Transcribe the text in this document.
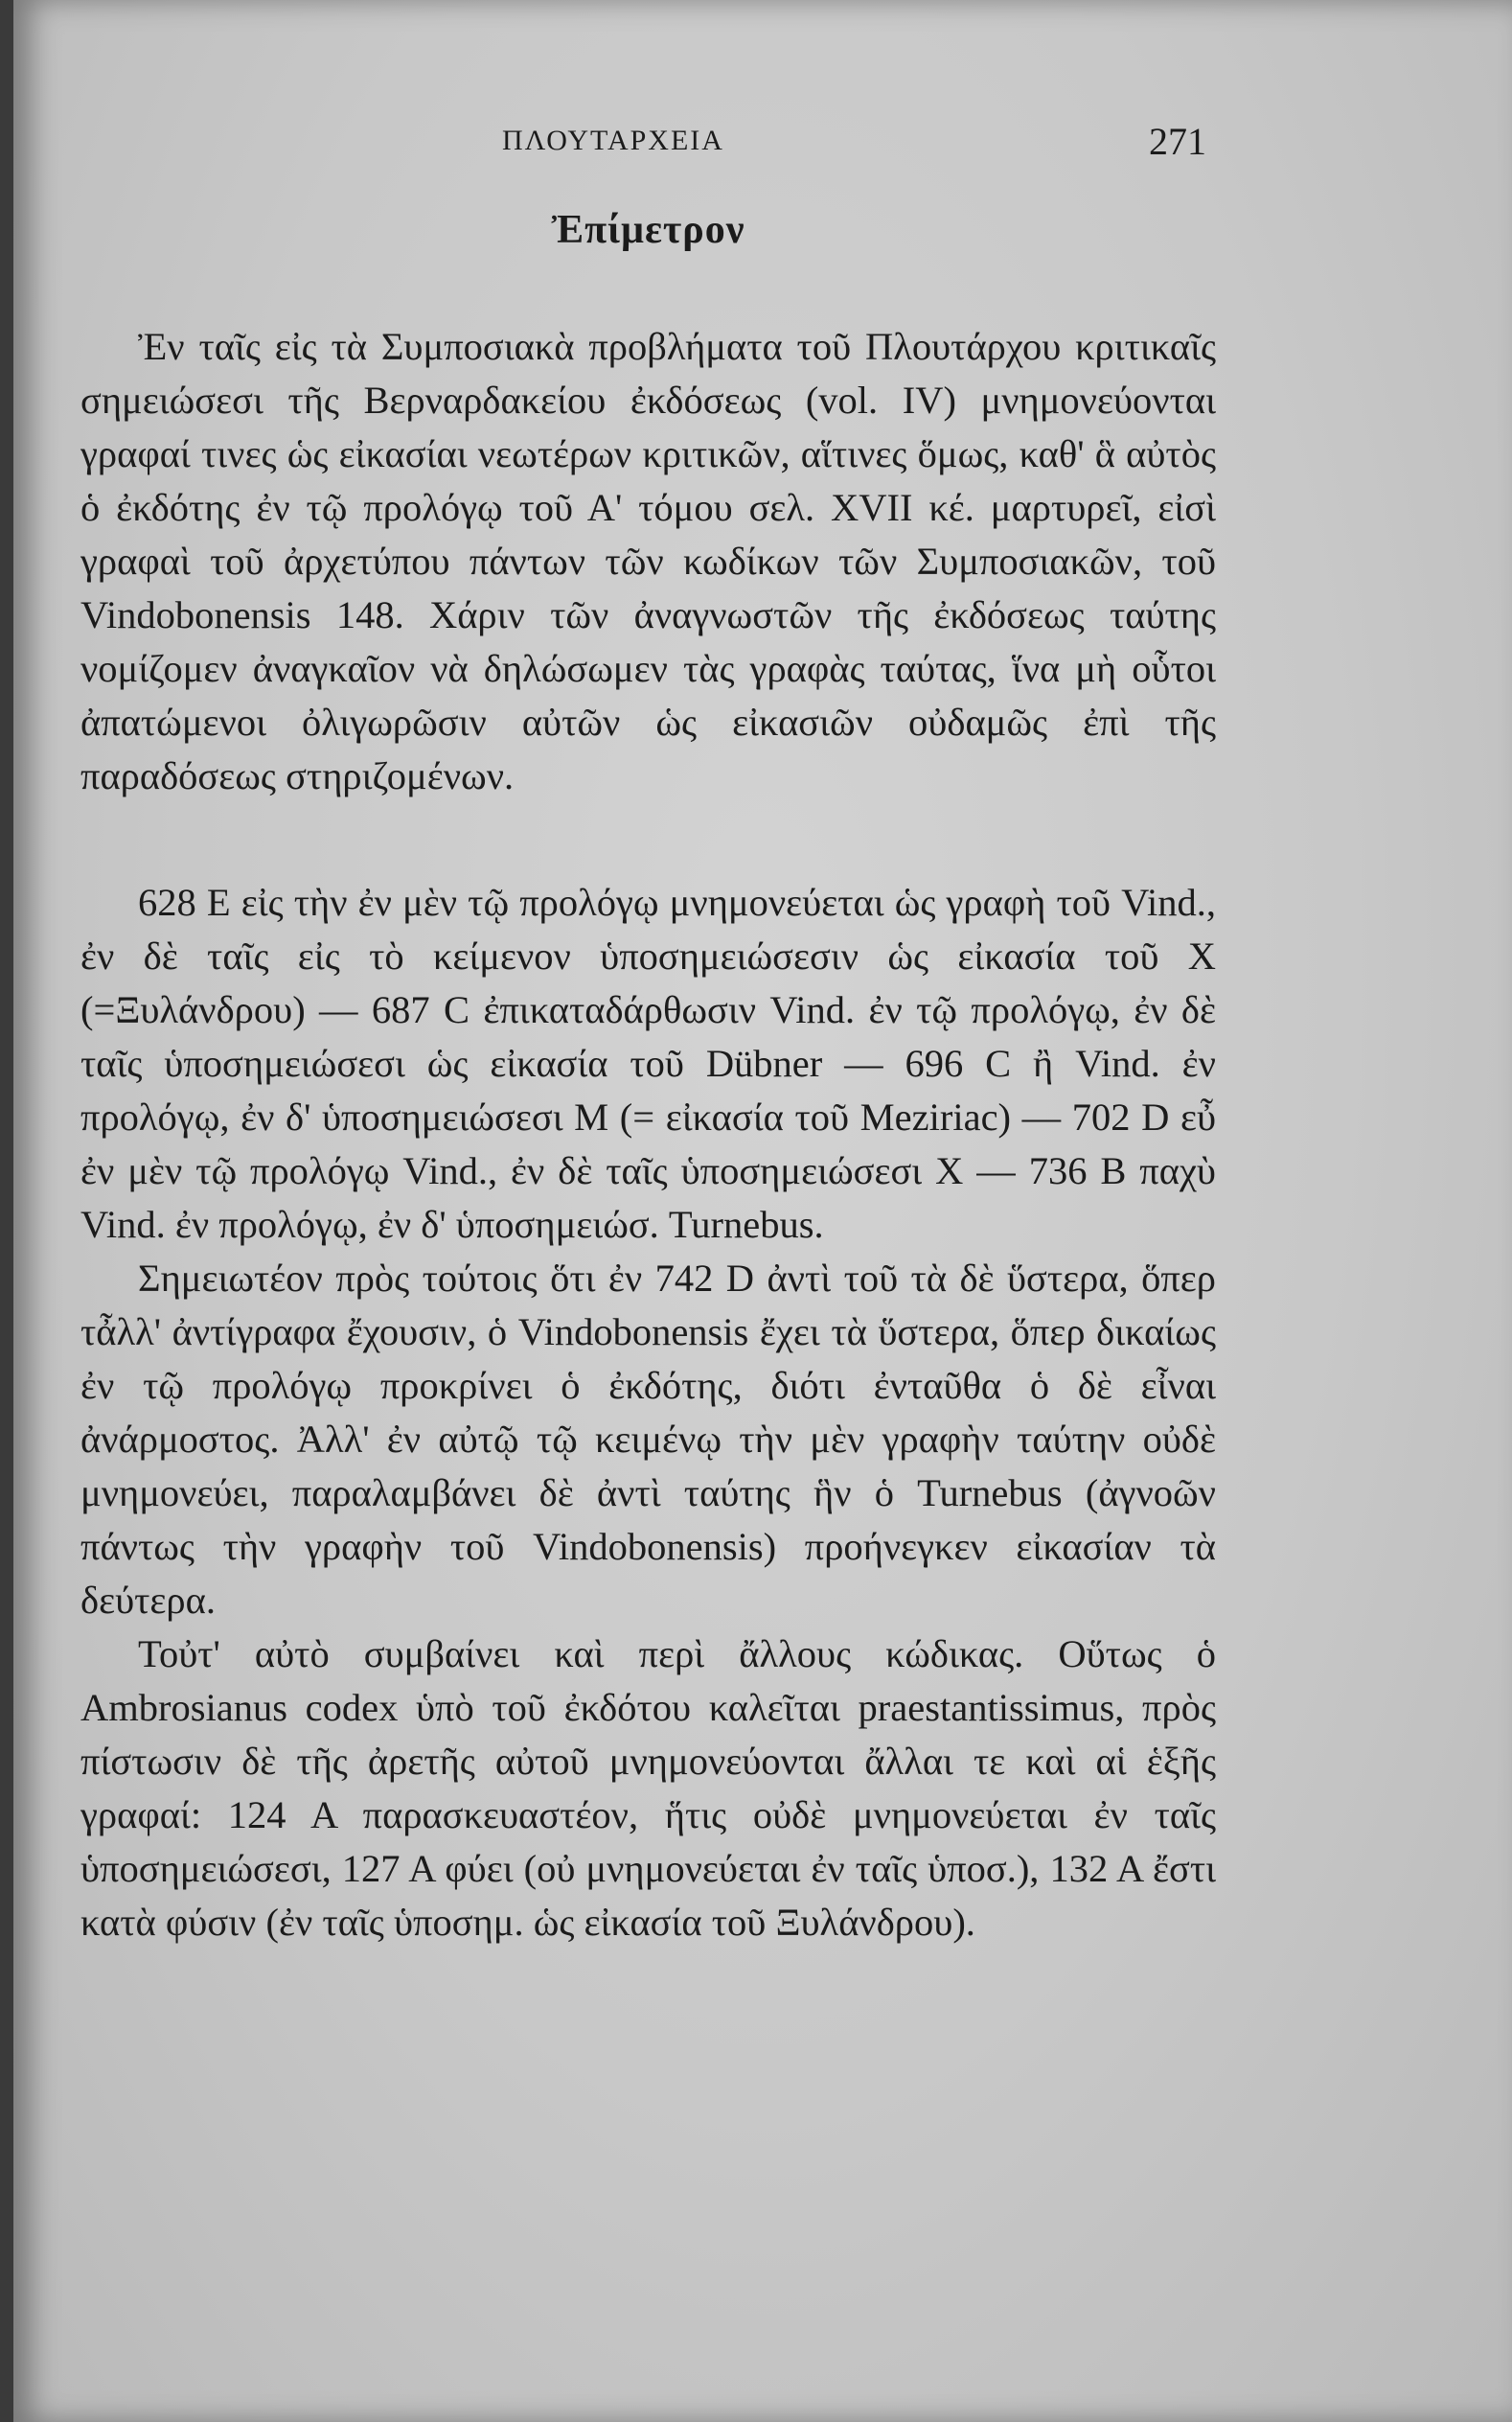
ΠΛΟΥΤΑΡΧΕΙΑ	271
Ἐπίμετρον

Ἐν ταῖς εἰς τὰ Συμποσιακὰ προβλήματα τοῦ Πλουτάρχου κριτικαῖς σημειώσεσι τῆς Βερναρδακείου ἐκδόσεως (vol. IV) μνημονεύονται γραφαί τινες ὡς εἰκασίαι νεωτέρων κριτικῶν, αἵτινες ὅμως, καθ' ἃ αὐτὸς ὁ ἐκδότης ἐν τῷ προλόγῳ τοῦ Α' τόμου σελ. XVII κέ. μαρτυρεῖ, εἰσὶ γραφαὶ τοῦ ἀρχετύπου πάντων τῶν κωδίκων τῶν Συμποσιακῶν, τοῦ Vindobonensis 148. Χάριν τῶν ἀναγνωστῶν τῆς ἐκδόσεως ταύτης νομίζομεν ἀναγκαῖον νὰ δηλώσωμεν τὰς γραφὰς ταύτας, ἵνα μὴ οὗτοι ἀπατώμενοι ὀλιγωρῶσιν αὐτῶν ὡς εἰκασιῶν οὐδαμῶς ἐπὶ τῆς παραδόσεως στηριζομένων.

628 Ε εἰς τὴν ἐν μὲν τῷ προλόγῳ μνημονεύεται ὡς γραφὴ τοῦ Vind., ἐν δὲ ταῖς εἰς τὸ κείμενον ὑποσημειώσεσιν ὡς εἰκασία τοῦ X (=Ξυλάνδρου) — 687 C ἐπικαταδάρθωσιν Vind. ἐν τῷ προλόγῳ, ἐν δὲ ταῖς ὑποσημειώσεσι ὡς εἰκασία τοῦ Dübner — 696 C ἢ Vind. ἐν προλόγῳ, ἐν δ' ὑποσημειώσεσι M (= εἰκασία τοῦ Meziriac) — 702 D εὖ ἐν μὲν τῷ προλόγῳ Vind., ἐν δὲ ταῖς ὑποσημειώσεσι X — 736 B παχὺ Vind. ἐν προλόγῳ, ἐν δ' ὑποσημειώσ. Turnebus.

Σημειωτέον πρὸς τούτοις ὅτι ἐν 742 D ἀντὶ τοῦ τὰ δὲ ὕστερα, ὅπερ τἆλλ' ἀντίγραφα ἔχουσιν, ὁ Vindobonensis ἔχει τὰ ὕστερα, ὅπερ δικαίως ἐν τῷ προλόγῳ προκρίνει ὁ ἐκδότης, διότι ἐνταῦθα ὁ δὲ εἶναι ἀνάρμοστος. Ἀλλ' ἐν αὐτῷ τῷ κειμένῳ τὴν μὲν γραφὴν ταύτην οὐδὲ μνημονεύει, παραλαμβάνει δὲ ἀντὶ ταύτης ἣν ὁ Turnebus (ἀγνοῶν πάντως τὴν γραφὴν τοῦ Vindobonensis) προήνεγκεν εἰκασίαν τὰ δεύτερα.

Τοὐτ' αὐτὸ συμβαίνει καὶ περὶ ἄλλους κώδικας. Οὕτως ὁ Ambrosianus codex ὑπὸ τοῦ ἐκδότου καλεῖται praestantissimus, πρὸς πίστωσιν δὲ τῆς ἀρετῆς αὐτοῦ μνημονεύονται ἄλλαι τε καὶ αἱ ἑξῆς γραφαί: 124 Α παρασκευαστέον, ἥτις οὐδὲ μνημονεύεται ἐν ταῖς ὑποσημειώσεσι, 127 Α φύει (οὐ μνημονεύεται ἐν ταῖς ὑποσ.), 132 Α ἔστι κατὰ φύσιν (ἐν ταῖς ὑποσημ. ὡς εἰκασία τοῦ Ξυλάνδρου).
